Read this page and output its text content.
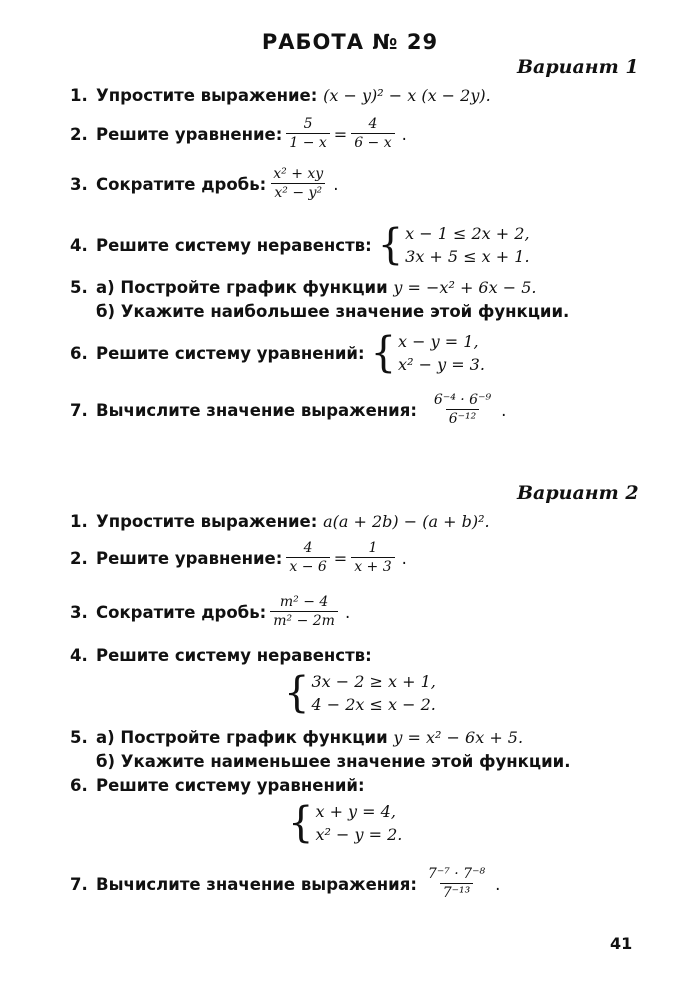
РАБОТА № 29
Вариант 1
1. Упростите выражение:
(x − y)² − x (x − 2y).
2. Решите уравнение: $\frac{5}{1 - x} = \frac{4}{6 - x}$ .
3. Сократите дробь: $\frac{\text{x² + xy}}{\text{x² − y²}}$ .
4. Решите систему неравенств: { x − 1 ≤ 2x + 2,
3x + 5 ≤ x + 1.
5. а) Постройте график функции
y = −x² + 6x − 5.
б) Укажите наибольшее значение этой функции.
6. Решите систему уравнений: { x − y = 1,
x² − y = 3.
7. Вычислите значение выражения: $\frac{\text{6⁻⁴ · 6⁻⁹}}{\text{6⁻¹²}}$ .
Вариант 2
1. Упростите выражение:
a(a + 2b) − (a + b)².
2. Решите уравнение: $\frac{4}{x - 6} = \frac{1}{x + 3}$ .
3. Сократите дробь: $\frac{\text{m² − 4}}{\text{m² − 2m}}$ .
4. Решите систему неравенств:
{ 3x − 2 ≥ x + 1,
4 − 2x ≤ x − 2.
5. а) Постройте график функции
y = x² − 6x + 5.
б) Укажите наименьшее значение этой функции.
6. Решите систему уравнений:
{ x + y = 4,
x² − y = 2.
7. Вычислите значение выражения: $\frac{\text{7⁻⁷ · 7⁻⁸}}{\text{7⁻¹³}}$ .
41
